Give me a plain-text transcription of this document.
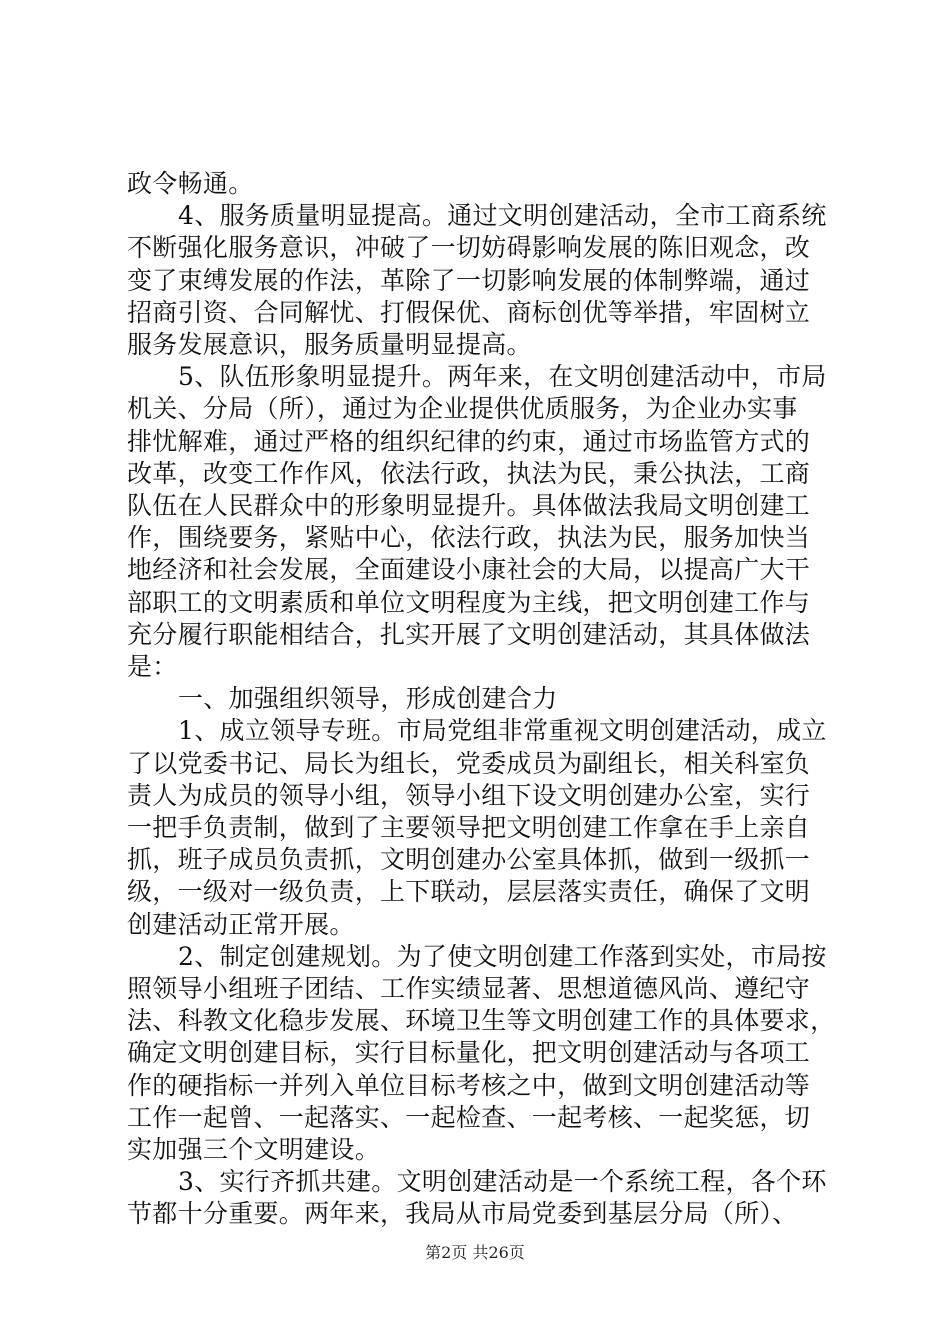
政令畅通。
4、服务质量明显提高。通过文明创建活动，全市工商系统
不断强化服务意识，冲破了一切妨碍影响发展的陈旧观念，改
变了束缚发展的作法，革除了一切影响发展的体制弊端，通过
招商引资、合同解忧、打假保优、商标创优等举措，牢固树立
服务发展意识，服务质量明显提高。
5、队伍形象明显提升。两年来，在文明创建活动中，市局
机关、分局（所），通过为企业提供优质服务，为企业办实事
排忧解难，通过严格的组织纪律的约束，通过市场监管方式的
改革，改变工作作风，依法行政，执法为民，秉公执法，工商
队伍在人民群众中的形象明显提升。具体做法我局文明创建工
作，围绕要务，紧贴中心，依法行政，执法为民，服务加快当
地经济和社会发展，全面建设小康社会的大局，以提高广大干
部职工的文明素质和单位文明程度为主线，把文明创建工作与
充分履行职能相结合，扎实开展了文明创建活动，其具体做法
是：
一、加强组织领导，形成创建合力
1、成立领导专班。市局党组非常重视文明创建活动，成立
了以党委书记、局长为组长，党委成员为副组长，相关科室负
责人为成员的领导小组，领导小组下设文明创建办公室，实行
一把手负责制，做到了主要领导把文明创建工作拿在手上亲自
抓，班子成员负责抓，文明创建办公室具体抓，做到一级抓一
级，一级对一级负责，上下联动，层层落实责任，确保了文明
创建活动正常开展。
2、制定创建规划。为了使文明创建工作落到实处，市局按
照领导小组班子团结、工作实绩显著、思想道德风尚、遵纪守
法、科教文化稳步发展、环境卫生等文明创建工作的具体要求，
确定文明创建目标，实行目标量化，把文明创建活动与各项工
作的硬指标一并列入单位目标考核之中，做到文明创建活动等
工作一起曾、一起落实、一起检查、一起考核、一起奖惩，切
实加强三个文明建设。
3、实行齐抓共建。文明创建活动是一个系统工程，各个环
节都十分重要。两年来，我局从市局党委到基层分局（所）、
第2页 共26页
